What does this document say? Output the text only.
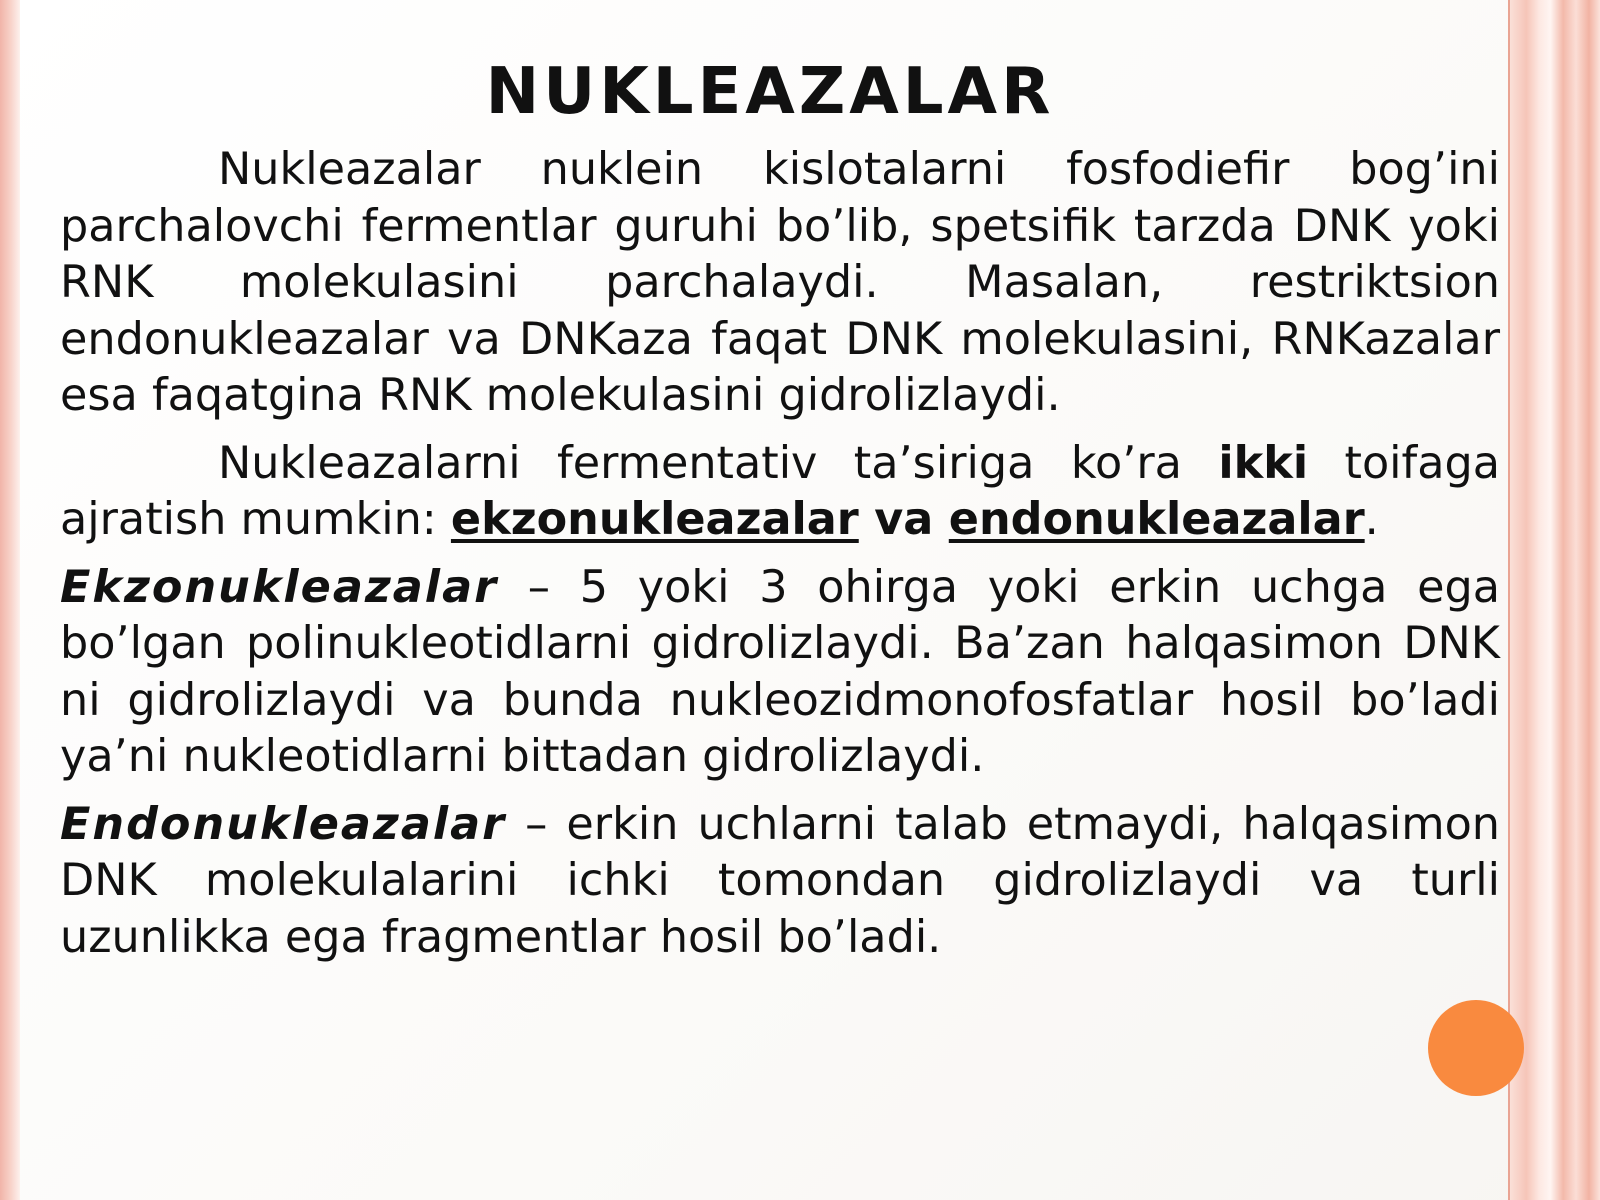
NUKLEAZALAR

Nukleazalar nuklein kislotalarni fosfodiefir bog’ini parchalovchi fermentlar guruhi bo’lib, spetsifik tarzda DNK yoki RNK molekulasini parchalaydi. Masalan, restriktsion endonukleazalar va DNKaza faqat DNK molekulasini, RNKazalar esa faqatgina RNK molekulasini gidrolizlaydi.

Nukleazalarni fermentativ ta’siriga ko’ra ikki toifaga ajratish mumkin: ekzonukleazalar va endonukleazalar.

Ekzonukleazalar – 5 yoki 3 ohirga yoki erkin uchga ega bo’lgan polinukleotidlarni gidrolizlaydi. Ba’zan halqasimon DNK ni gidrolizlaydi va bunda nukleozidmonofosfatlar hosil bo’ladi ya’ni nukleotidlarni bittadan gidrolizlaydi.

Endonukleazalar – erkin uchlarni talab etmaydi, halqasimon DNK molekulalarini ichki tomondan gidrolizlaydi va turli uzunlikka ega fragmentlar hosil bo’ladi.
